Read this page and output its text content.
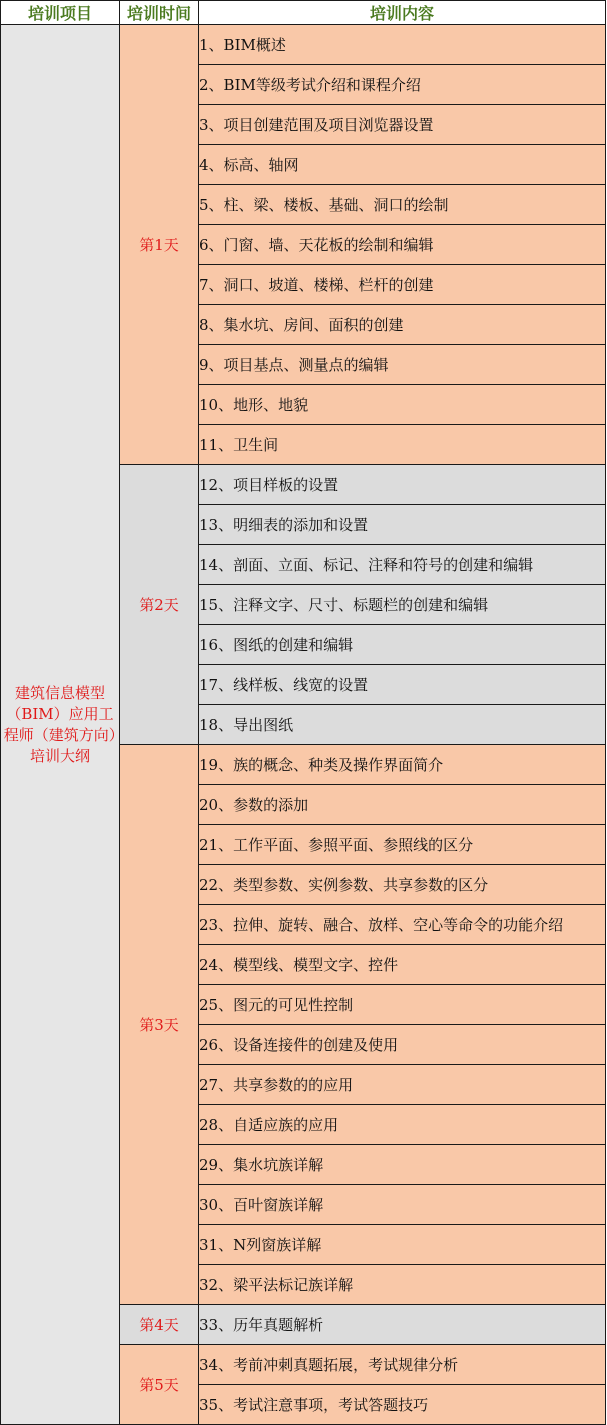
培训项目	培训时间	培训内容
建筑信息模型（BIM）应用工程师（建筑方向）培训大纲	第1天	1、BIM概述
		2、BIM等级考试介绍和课程介绍
		3、项目创建范围及项目浏览器设置
		4、标高、轴网
		5、柱、梁、楼板、基础、洞口的绘制
		6、门窗、墙、天花板的绘制和编辑
		7、洞口、坡道、楼梯、栏杆的创建
		8、集水坑、房间、面积的创建
		9、项目基点、测量点的编辑
		10、地形、地貌
		11、卫生间
	第2天	12、项目样板的设置
		13、明细表的添加和设置
		14、剖面、立面、标记、注释和符号的创建和编辑
		15、注释文字、尺寸、标题栏的创建和编辑
		16、图纸的创建和编辑
		17、线样板、线宽的设置
		18、导出图纸
	第3天	19、族的概念、种类及操作界面简介
		20、参数的添加
		21、工作平面、参照平面、参照线的区分
		22、类型参数、实例参数、共享参数的区分
		23、拉伸、旋转、融合、放样、空心等命令的功能介绍
		24、模型线、模型文字、控件
		25、图元的可见性控制
		26、设备连接件的创建及使用
		27、共享参数的的应用
		28、自适应族的应用
		29、集水坑族详解
		30、百叶窗族详解
		31、N列窗族详解
		32、梁平法标记族详解
	第4天	33、历年真题解析
	第5天	34、考前冲刺真题拓展，考试规律分析
		35、考试注意事项，考试答题技巧
